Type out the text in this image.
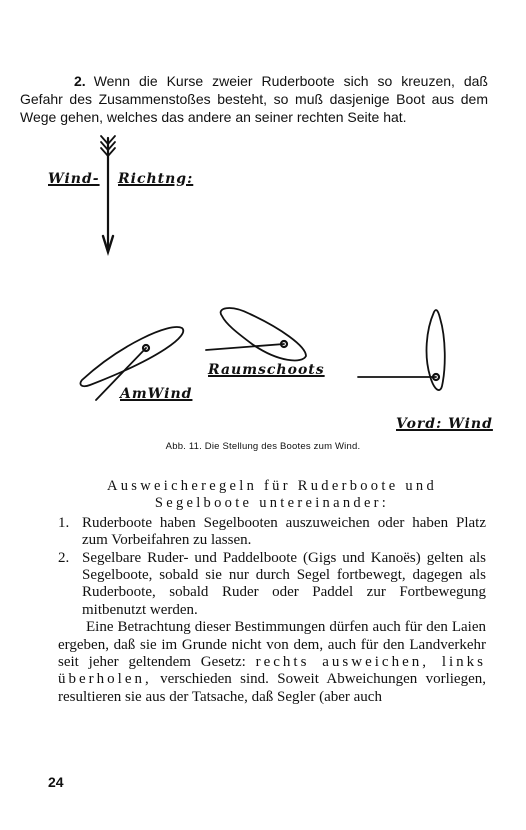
2. Wenn die Kurse zweier Ruderboote sich so kreuzen, daß Gefahr des Zusammenstoßes besteht, so muß dasjenige Boot aus dem Wege gehen, welches das andere an seiner rechten Seite hat.

Wind- Richtng:
AmWind
Raumschoots
Vord: Wind
Abb. 11. Die Stellung des Bootes zum Wind.

Ausweicheregeln für Ruderboote und
Segelboote untereinander:

1. Ruderboote haben Segelbooten auszuweichen oder haben Platz zum Vorbeifahren zu lassen.
2. Segelbare Ruder- und Paddelboote (Gigs und Kanoës) gelten als Segelboote, sobald sie nur durch Segel fortbewegt, dagegen als Ruderboote, sobald Ruder oder Paddel zur Fortbewegung mitbenutzt werden.

Eine Betrachtung dieser Bestimmungen dürfen auch für den Laien ergeben, daß sie im Grunde nicht von dem, auch für den Landverkehr seit jeher geltendem Gesetz: rechts ausweichen, links überholen, verschieden sind. Soweit Abweichungen vorliegen, resultieren sie aus der Tatsache, daß Segler (aber auch

24
